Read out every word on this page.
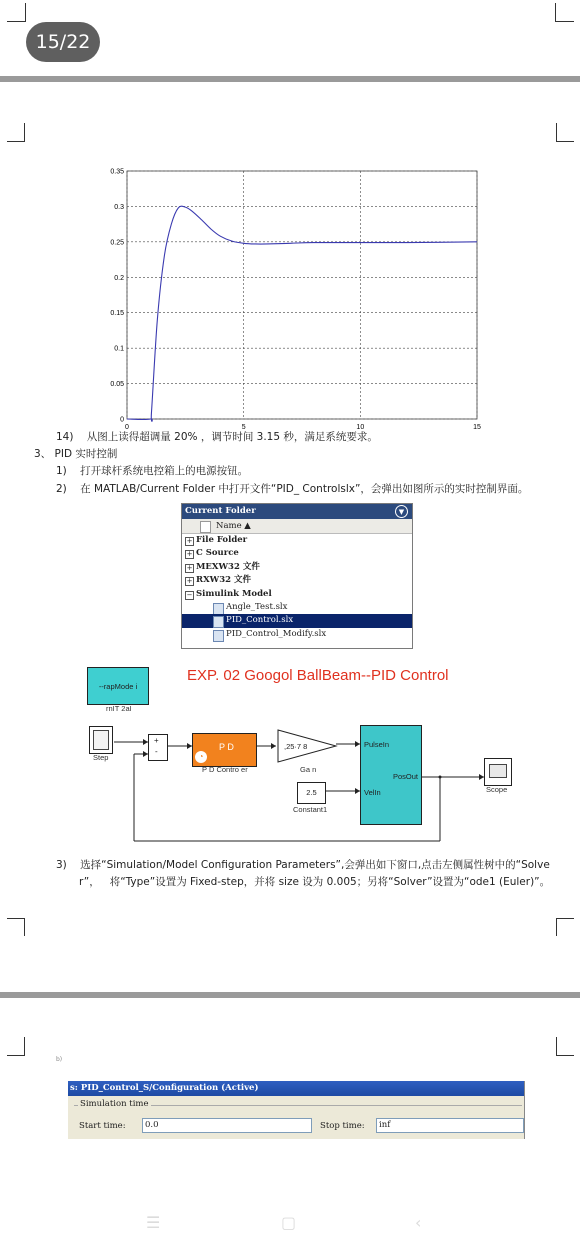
15/22
0	5	10	15
0
0.05
0.1
0.15
0.2
0.25
0.3
0.35
14)    从图上读得超调量 20% ，调节时间 3.15 秒，满足系统要求。
3、 PID 实时控制
1)    打开球杆系统电控箱上的电源按钮。
2)    在 MATLAB/Current Folder 中打开文件“PID_ Controlslx”，会弹出如图所示的实时控制界面。
Current Folder	▼
Name ▲
+ File Folder
+ C Source
+ MEXW32 文件
+ RXW32 文件
− Simulink Model
Angle_Test.slx
PID_Control.slx
PID_Control_Modify.slx
EXP. 02 Googol BallBeam--PID Control
--rapMode i
rnIT 2aI
Step
+
-	P D
◔
P D Contro er
,25·7 8
Ga n
2.5
Constant1
PulseIn
PosOut
VelIn	Scope
3)    选择“Simulation/Model Configuration Parameters”,会弹出如下窗口,点击左侧属性树中的“Solve
r”，   将“Type”设置为 Fixed-step，并将 size 设为 0.005；另将“Solver”设置为“ode1 (Euler)”。
b)
s: PID_Control_S/Configuration (Active)
Simulation time
Start time:	0.0	Stop time:	inf
☰	▢	‹
